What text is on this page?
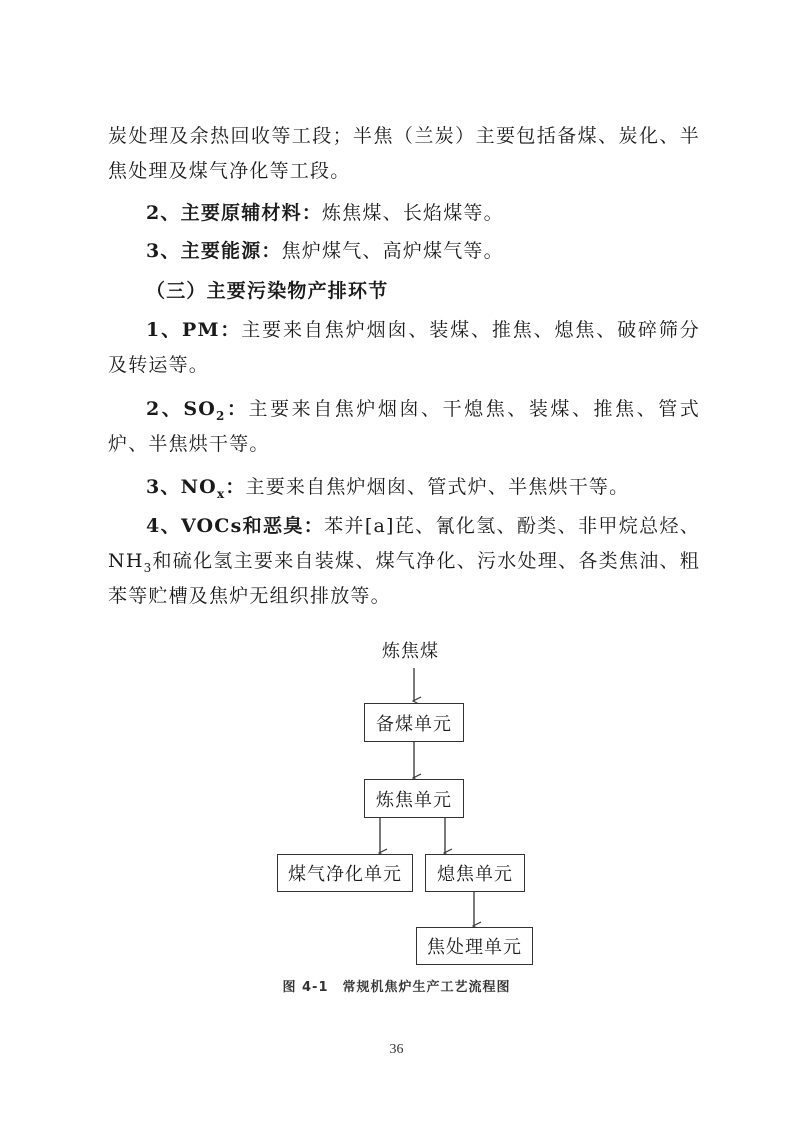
炭处理及余热回收等工段；半焦（兰炭）主要包括备煤、炭化、半焦处理及煤气净化等工段。

2、主要原辅材料：炼焦煤、长焰煤等。

3、主要能源：焦炉煤气、高炉煤气等。

（三）主要污染物产排环节

1、PM：主要来自焦炉烟囱、装煤、推焦、熄焦、破碎筛分及转运等。

2、$SO_2$：主要来自焦炉烟囱、干熄焦、装煤、推焦、管式炉、半焦烘干等。

3、$NO_x$：主要来自焦炉烟囱、管式炉、半焦烘干等。

4、VOCs和恶臭：苯并[a]芘、氰化氢、酚类、非甲烷总烃、$NH_3$和硫化氢主要来自装煤、煤气净化、污水处理、各类焦油、粗苯等贮槽及焦炉无组织排放等。

炼焦煤
备煤单元
炼焦单元
煤气净化单元 熄焦单元
焦处理单元
图 4-1　常规机焦炉生产工艺流程图
36
